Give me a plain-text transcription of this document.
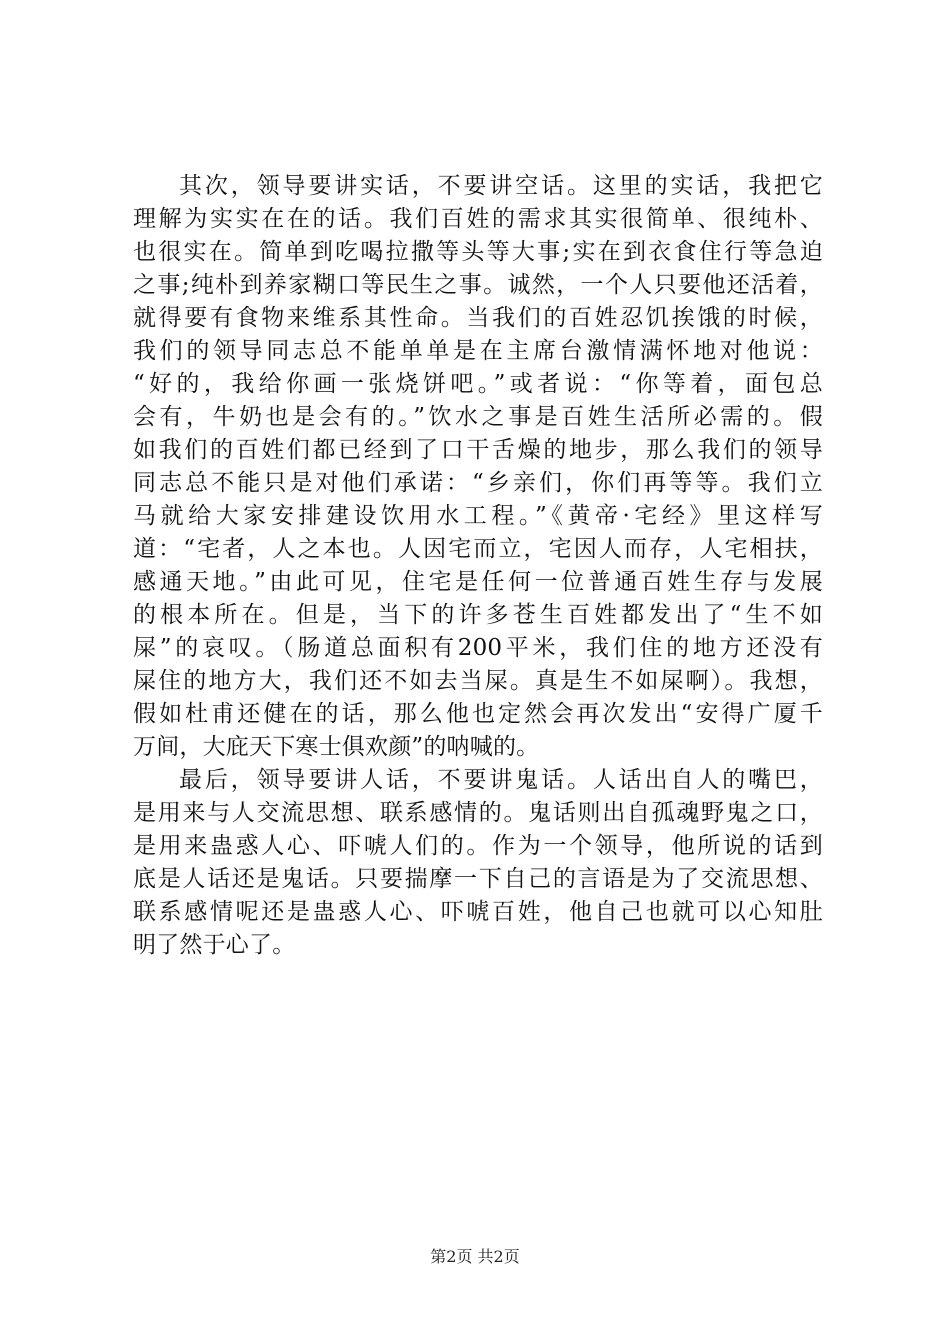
其次，领导要讲实话，不要讲空话。这里的实话，我把它
理解为实实在在的话。我们百姓的需求其实很简单、很纯朴、
也很实在。简单到吃喝拉撒等头等大事;实在到衣食住行等急迫
之事;纯朴到养家糊口等民生之事。诚然，一个人只要他还活着，
就得要有食物来维系其性命。当我们的百姓忍饥挨饿的时候，
我们的领导同志总不能单单是在主席台激情满怀地对他说：
“好的，我给你画一张烧饼吧。”或者说：“你等着，面包总
会有，牛奶也是会有的。”饮水之事是百姓生活所必需的。假
如我们的百姓们都已经到了口干舌燥的地步，那么我们的领导
同志总不能只是对他们承诺：“乡亲们，你们再等等。我们立
马就给大家安排建设饮用水工程。”《黄帝·宅经》里这样写
道：“宅者，人之本也。人因宅而立，宅因人而存，人宅相扶，
感通天地。”由此可见，住宅是任何一位普通百姓生存与发展
的根本所在。但是，当下的许多苍生百姓都发出了“生不如
屎”的哀叹。（肠道总面积有200平米，我们住的地方还没有
屎住的地方大，我们还不如去当屎。真是生不如屎啊）。我想，
假如杜甫还健在的话，那么他也定然会再次发出“安得广厦千
万间，大庇天下寒士俱欢颜”的呐喊的。
最后，领导要讲人话，不要讲鬼话。人话出自人的嘴巴，
是用来与人交流思想、联系感情的。鬼话则出自孤魂野鬼之口，
是用来蛊惑人心、吓唬人们的。作为一个领导，他所说的话到
底是人话还是鬼话。只要揣摩一下自己的言语是为了交流思想、
联系感情呢还是蛊惑人心、吓唬百姓，他自己也就可以心知肚
明了然于心了。
第2页 共2页
